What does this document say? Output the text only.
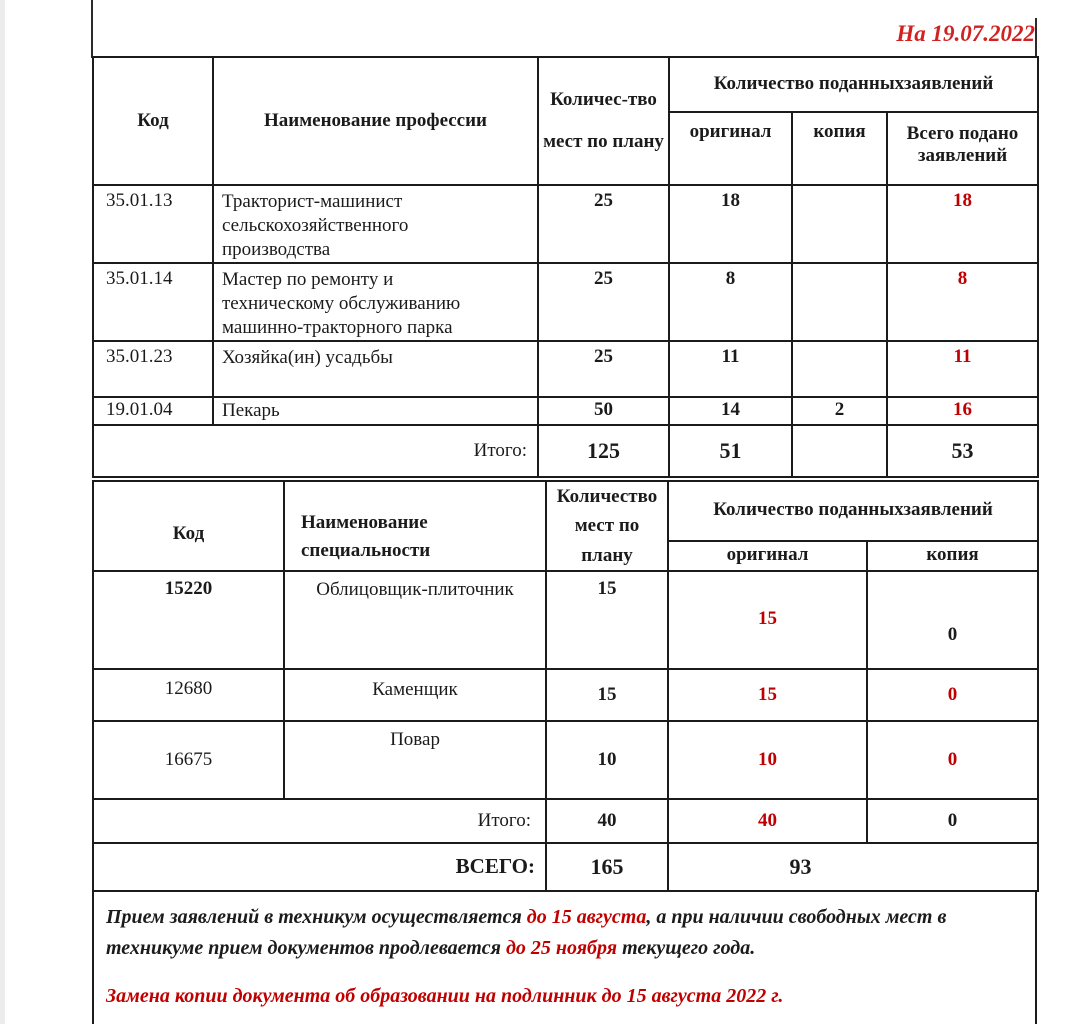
На 19.07.2022
Код	Наименование профессии	Количес-тво мест по плану	Количество поданныхзаявлений		
			оригинал	копия	Всего подано заявлений
35.01.13	Тракторист-машинист сельскохозяйственного производства	25	18		18
35.01.14	Мастер по ремонту и техническому обслуживанию машинно-тракторного парка	25	8		8
35.01.23	Хозяйка(ин) усадьбы	25	11		11
19.01.04	Пекарь	50	14	2	16
Итого:		125	51		53
Код	Наименование специальности	Количество мест по плану	Количество поданныхзаявлений	
			оригинал	копия
15220	Облицовщик-плиточник	15	15	0
12680	Каменщик	15	15	0
16675	Повар	10	10	0
Итого:		40	40	0
ВСЕГО:		165	93	

Прием заявлений в техникум осуществляется до 15 августа, а при наличии свободных мест в техникуме прием документов продлевается до 25 ноября текущего года.

Замена копии документа об образовании на подлинник до 15 августа 2022 г.
